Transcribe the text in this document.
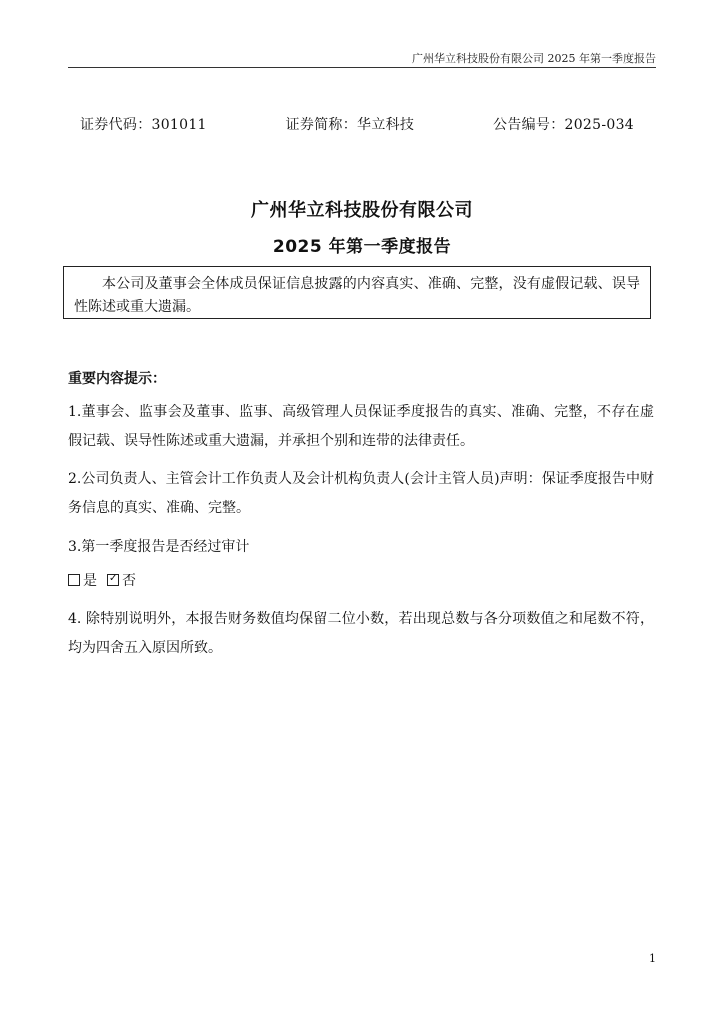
广州华立科技股份有限公司 2025 年第一季度报告
证券代码：301011	证券简称：华立科技	公告编号：2025-034
广州华立科技股份有限公司
2025 年第一季度报告
本公司及董事会全体成员保证信息披露的内容真实、准确、完整，没有虚假记载、误导性陈述或重大遗漏。
重要内容提示：
1.董事会、监事会及董事、监事、高级管理人员保证季度报告的真实、准确、完整，不存在虚假记载、误导性陈述或重大遗漏，并承担个别和连带的法律责任。
2.公司负责人、主管会计工作负责人及会计机构负责人(会计主管人员)声明：保证季度报告中财务信息的真实、准确、完整。
3.第一季度报告是否经过审计
是
✓ 否
4. 除特别说明外，本报告财务数值均保留二位小数，若出现总数与各分项数值之和尾数不符，均为四舍五入原因所致。
1
